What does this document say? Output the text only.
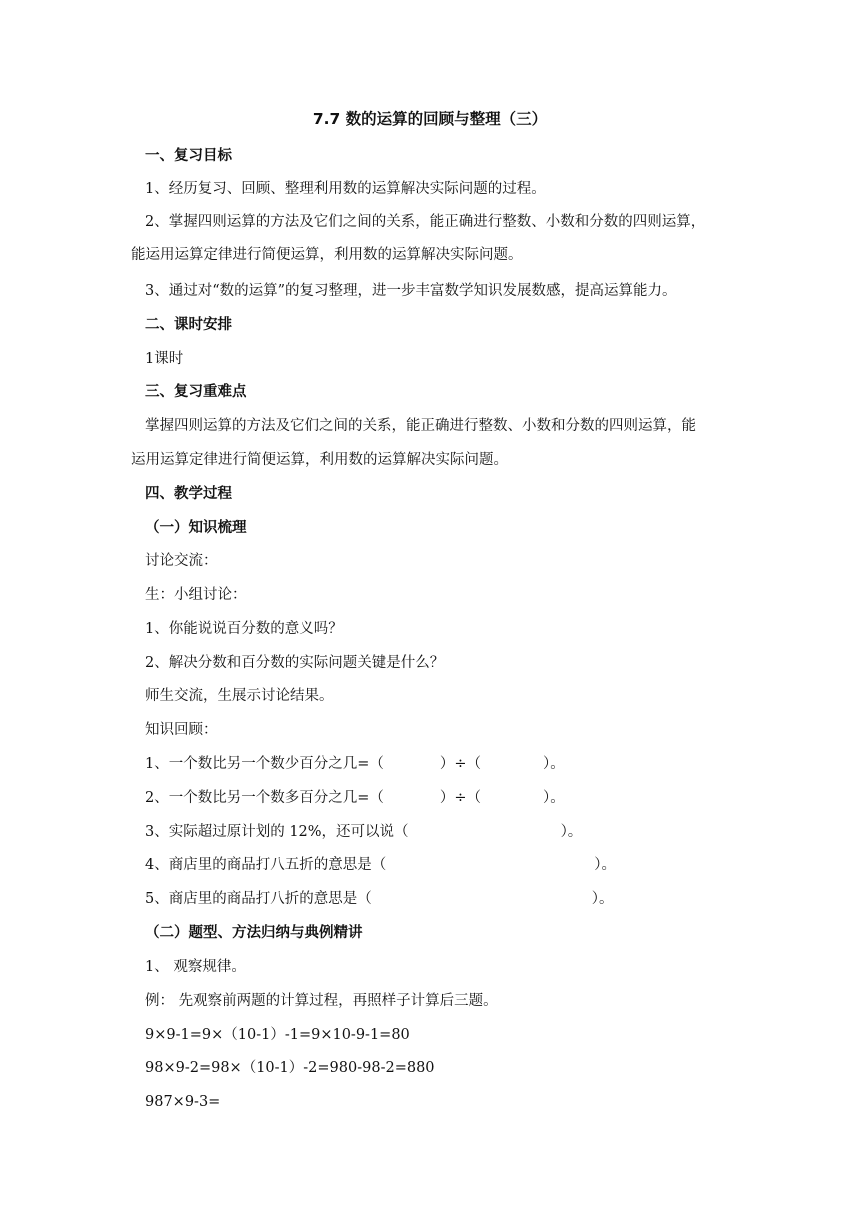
7.7 数的运算的回顾与整理（三）
一、复习目标
1、经历复习、回顾、整理利用数的运算解决实际问题的过程。
2、掌握四则运算的方法及它们之间的关系，能正确进行整数、小数和分数的四则运算，
能运用运算定律进行简便运算，利用数的运算解决实际问题。
3、通过对“数的运算”的复习整理，进一步丰富数学知识发展数感，提高运算能力。
二、课时安排
1课时
三、复习重难点
掌握四则运算的方法及它们之间的关系，能正确进行整数、小数和分数的四则运算，能
运用运算定律进行简便运算，利用数的运算解决实际问题。
四、教学过程
（一）知识梳理
讨论交流：
生：小组讨论：
1、你能说说百分数的意义吗？
2、解决分数和百分数的实际问题关键是什么？
师生交流，生展示讨论结果。
知识回顾：
1、一个数比另一个数少百分之几=（	）÷（	）。
2、一个数比另一个数多百分之几=（	）÷（	）。
3、实际超过原计划的 12%，还可以说（	）。
4、商店里的商品打八五折的意思是（	）。
5、商店里的商品打八折的意思是（	）。
（二）题型、方法归纳与典例精讲
1、 观察规律。
例： 先观察前两题的计算过程，再照样子计算后三题。
9×9-1=9×（10-1）-1=9×10-9-1=80
98×9-2=98×（10-1）-2=980-98-2=880
987×9-3=
